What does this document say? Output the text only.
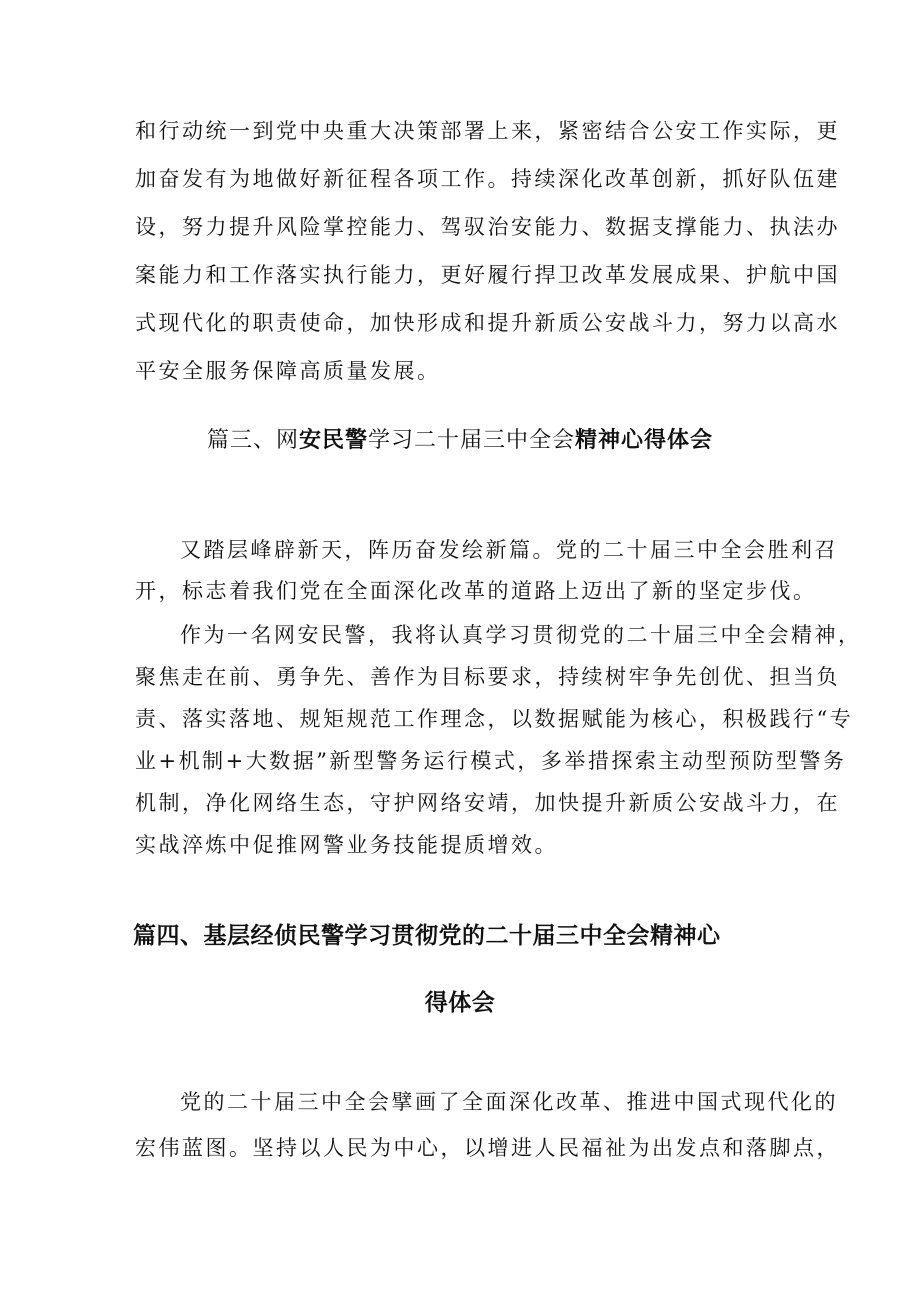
和行动统一到党中央重大决策部署上来，紧密结合公安工作实际，更
加奋发有为地做好新征程各项工作。持续深化改革创新，抓好队伍建
设，努力提升风险掌控能力、驾驭治安能力、数据支撑能力、执法办
案能力和工作落实执行能力，更好履行捍卫改革发展成果、护航中国
式现代化的职责使命，加快形成和提升新质公安战斗力，努力以高水
平安全服务保障高质量发展。
篇三、网安民警学习二十届三中全会精神心得体会
又踏层峰辟新天，阵历奋发绘新篇。党的二十届三中全会胜利召
开，标志着我们党在全面深化改革的道路上迈出了新的坚定步伐。
作为一名网安民警，我将认真学习贯彻党的二十届三中全会精神，
聚焦走在前、勇争先、善作为目标要求，持续树牢争先创优、担当负
责、落实落地、规矩规范工作理念，以数据赋能为核心，积极践行“专
业+机制+大数据”新型警务运行模式，多举措探索主动型预防型警务
机制，净化网络生态，守护网络安靖，加快提升新质公安战斗力，在
实战淬炼中促推网警业务技能提质增效。
篇四、基层经侦民警学习贯彻党的二十届三中全会精神心
得体会
党的二十届三中全会擘画了全面深化改革、推进中国式现代化的
宏伟蓝图。坚持以人民为中心，以增进人民福祉为出发点和落脚点，
